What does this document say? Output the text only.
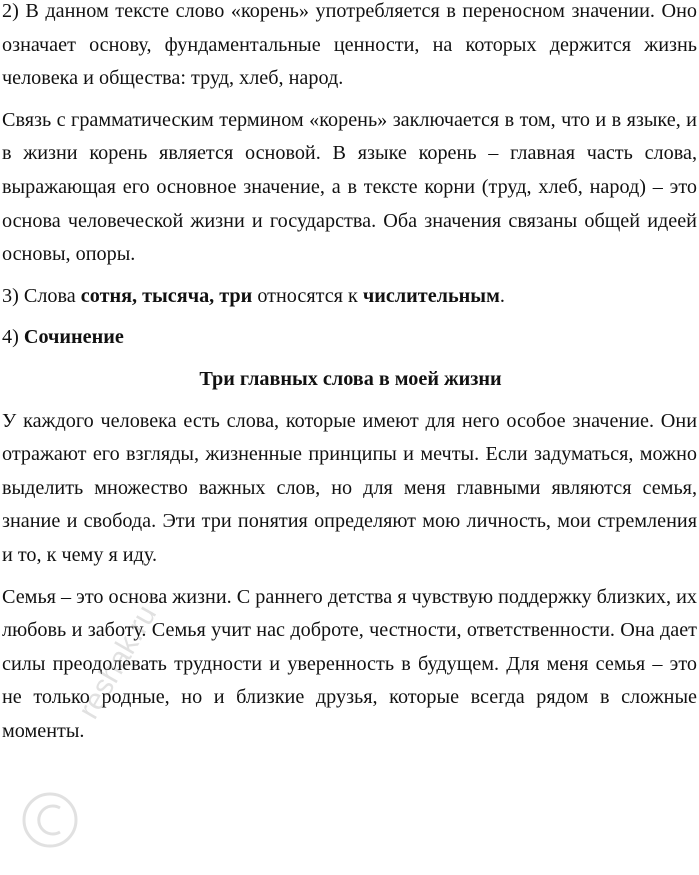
2) В данном тексте слово «корень» употребляется в переносном значении. Оно означает основу, фундаментальные ценности, на которых держится жизнь человека и общества: труд, хлеб, народ.

Связь с грамматическим термином «корень» заключается в том, что и в языке, и в жизни корень является основой. В языке корень – главная часть слова, выражающая его основное значение, а в тексте корни (труд, хлеб, народ) – это основа человеческой жизни и государства. Оба значения связаны общей идеей основы, опоры.

3) Слова сотня, тысяча, три относятся к числительным.

4) Сочинение

Три главных слова в моей жизни

У каждого человека есть слова, которые имеют для него особое значение. Они отражают его взгляды, жизненные принципы и мечты. Если задуматься, можно выделить множество важных слов, но для меня главными являются семья, знание и свобода. Эти три понятия определяют мою личность, мои стремления и то, к чему я иду.

Семья – это основа жизни. С раннего детства я чувствую поддержку близких, их любовь и заботу. Семья учит нас доброте, честности, ответственности. Она дает силы преодолевать трудности и уверенность в будущем. Для меня семья – это не только родные, но и близкие друзья, которые всегда рядом в сложные моменты.

reshak.ru
